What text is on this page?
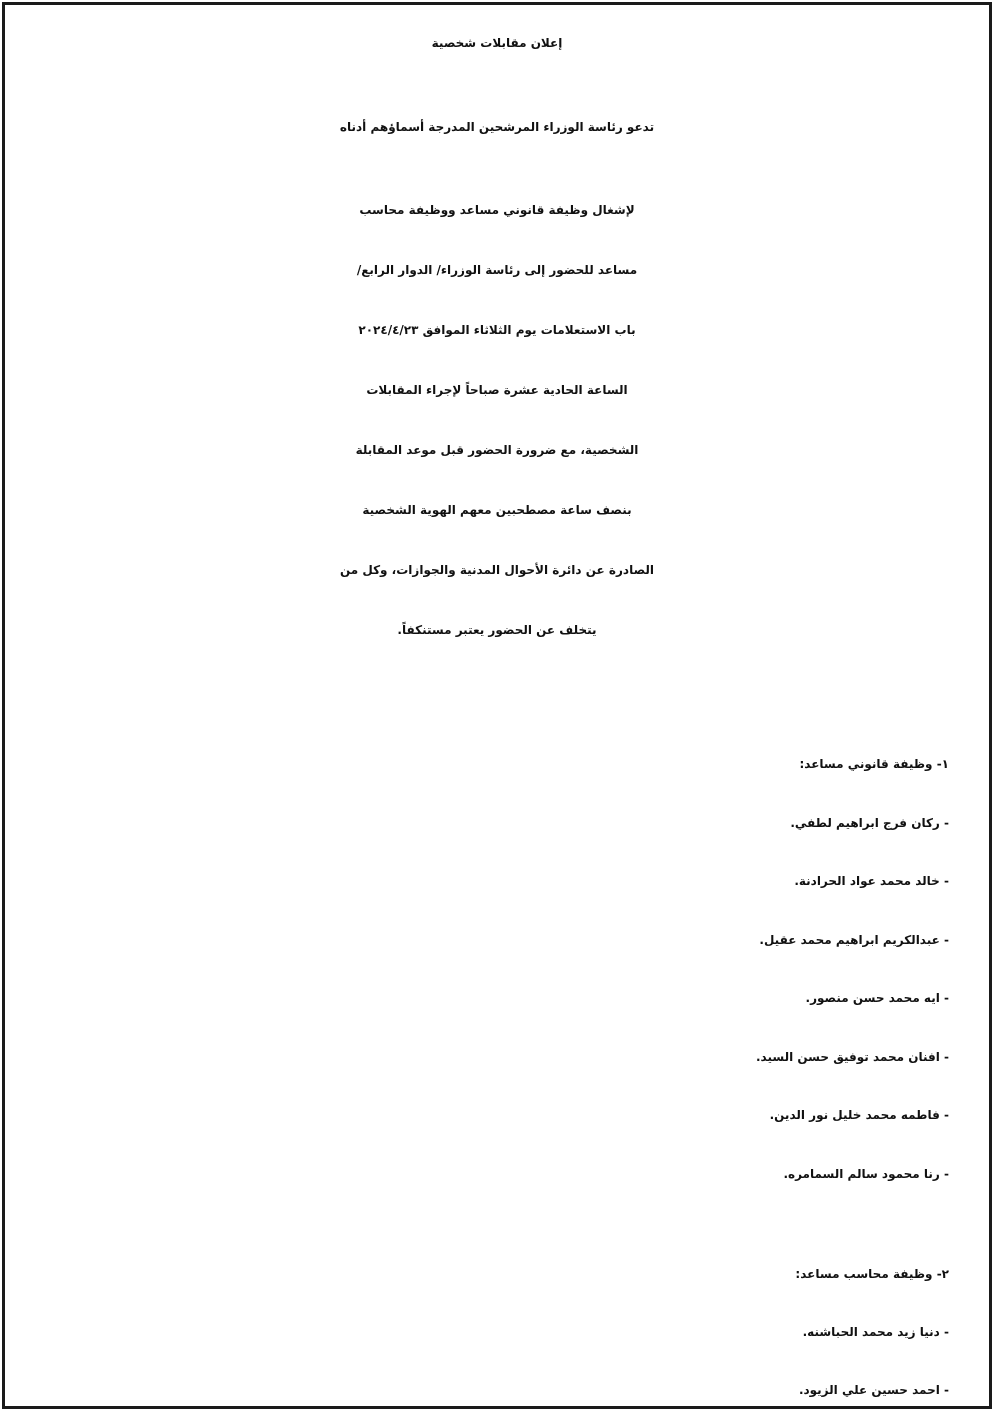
إعلان مقابلات شخصية
تدعو رئاسة الوزراء المرشحين المدرجة أسماؤهم أدناه
لإشغال وظيفة قانوني مساعد ووظيفة محاسب
مساعد للحضور إلى رئاسة الوزراء/ الدوار الرابع/
باب الاستعلامات يوم الثلاثاء الموافق ٢٠٢٤/٤/٢٣
الساعة الحادية عشرة صباحاً لإجراء المقابلات
الشخصية، مع ضرورة الحضور قبل موعد المقابلة
بنصف ساعة مصطحبين معهم الهوية الشخصية
الصادرة عن دائرة الأحوال المدنية والجوازات، وكل من
يتخلف عن الحضور يعتبر مستنكفاً.
١- وظيفة قانوني مساعد:
- ركان فرج ابراهيم لطفي.
- خالد محمد عواد الحرادنة.
- عبدالكريم ابراهيم محمد عقيل.
- ايه محمد حسن منصور.
- افنان محمد توفيق حسن السيد.
- فاطمه محمد خليل نور الدين.
- رنا محمود سالم السمامره.
٢- وظيفة محاسب مساعد:
- دنيا زيد محمد الحباشنه.
- احمد حسين علي الزيود.
